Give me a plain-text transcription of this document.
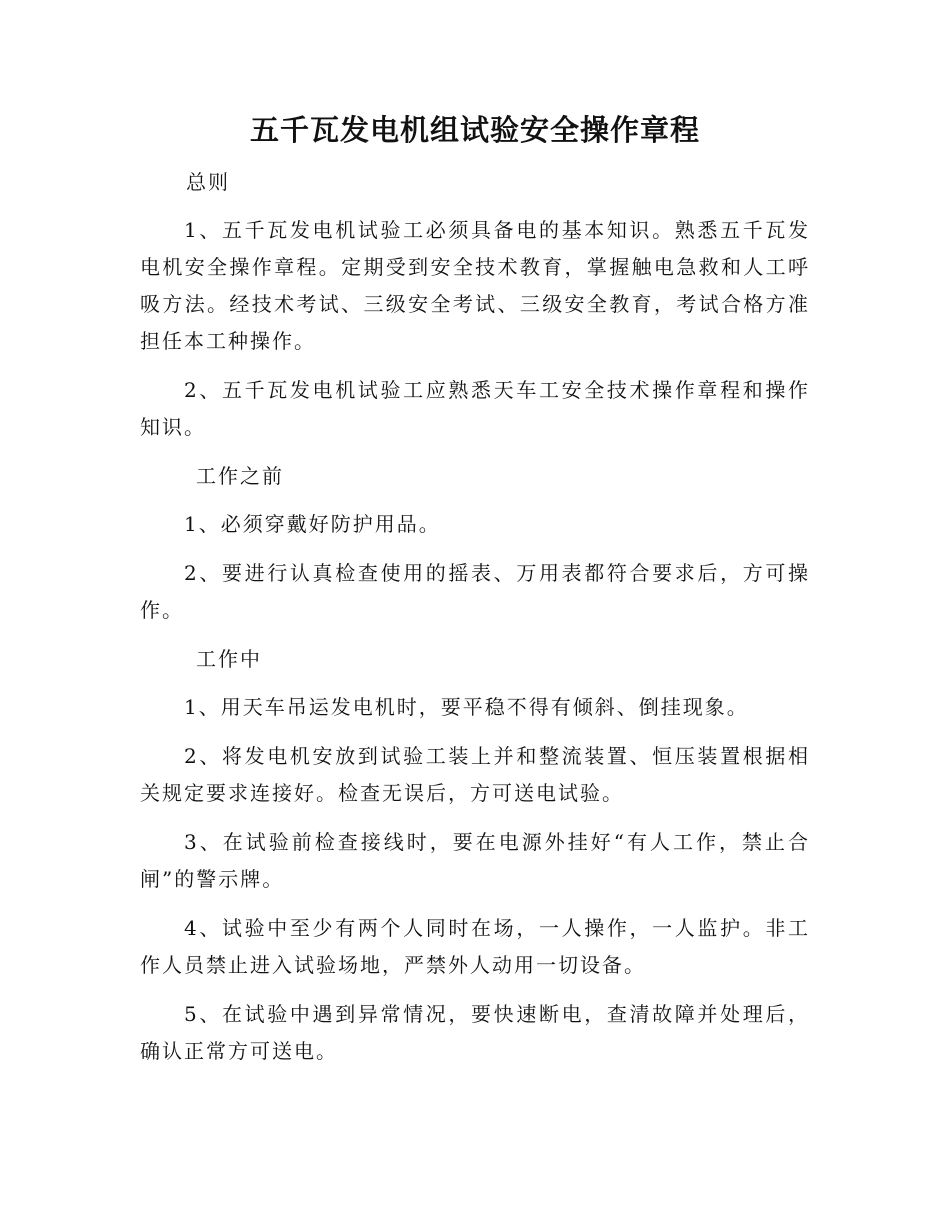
五千瓦发电机组试验安全操作章程
总则

1、五千瓦发电机试验工必须具备电的基本知识。熟悉五千瓦发电机安全操作章程。定期受到安全技术教育，掌握触电急救和人工呼吸方法。经技术考试、三级安全考试、三级安全教育，考试合格方准担任本工种操作。

2、五千瓦发电机试验工应熟悉天车工安全技术操作章程和操作知识。

工作之前

1、必须穿戴好防护用品。

2、要进行认真检查使用的摇表、万用表都符合要求后，方可操作。

工作中

1、用天车吊运发电机时，要平稳不得有倾斜、倒挂现象。

2、将发电机安放到试验工装上并和整流装置、恒压装置根据相关规定要求连接好。检查无误后，方可送电试验。

3、在试验前检查接线时，要在电源外挂好“有人工作，禁止合闸”的警示牌。

4、试验中至少有两个人同时在场，一人操作，一人监护。非工作人员禁止进入试验场地，严禁外人动用一切设备。

5、在试验中遇到异常情况，要快速断电，查清故障并处理后，确认正常方可送电。
